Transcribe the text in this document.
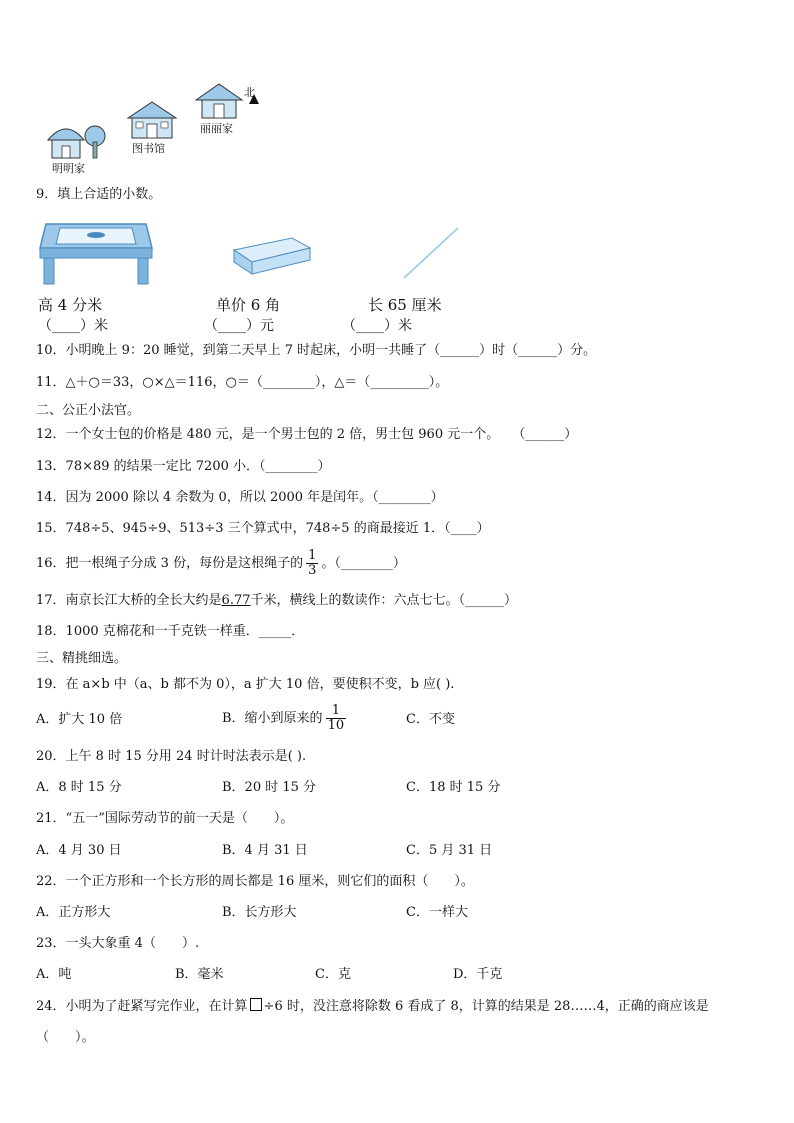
明明家
图书馆
丽丽家
北
9．填上合适的小数。
高 4 分米	单价 6 角	长 65 厘米
（____）米	（____）元	（____）米
10．小明晚上 9：20 睡觉，到第二天早上 7 时起床，小明一共睡了（______）时（______）分。
11．△＋○＝33，○×△＝116，○＝（________），△＝（_________）。
二、公正小法官。
12．一个女士包的价格是 480 元，是一个男士包的 2 倍，男士包 960 元一个。　　（______）
13．78×89 的结果一定比 7200 小．（________）
14．因为 2000 除以 4 余数为 0，所以 2000 年是闰年。（________）
15．748÷5、945÷9、513÷3 三个算式中，748÷5 的商最接近 1．（____）
16．把一根绳子分成 3 份，每份是这根绳子的 $\frac{1}{3}$ 。（________）
17．南京长江大桥的全长大约是6.77千米，横线上的数读作：六点七七。（______）
18．1000 克棉花和一千克铁一样重．_____．
三、精挑细选。
19．在 a×b 中（a、b 都不为 0），a 扩大 10 倍，要使积不变，b 应( ).
A．扩大 10 倍	B．缩小到原来的 $\frac{1}{10}$	C．不变
20．上午 8 时 15 分用 24 时计时法表示是( ).
A．8 时 15 分	B．20 时 15 分	C．18 时 15 分
21．“五一”国际劳动节的前一天是（　　）。
A．4 月 30 日	B．4 月 31 日	C．5 月 31 日
22．一个正方形和一个长方形的周长都是 16 厘米，则它们的面积（　　）。
A．正方形大	B．长方形大	C．一样大
23．一头大象重 4（　　）.
A．吨	B．毫米	C．克	D．千克
24．小明为了赶紧写完作业，在计算 ÷6 时，没注意将除数 6 看成了 8，计算的结果是 28……4，正确的商应该是
（　　）。
